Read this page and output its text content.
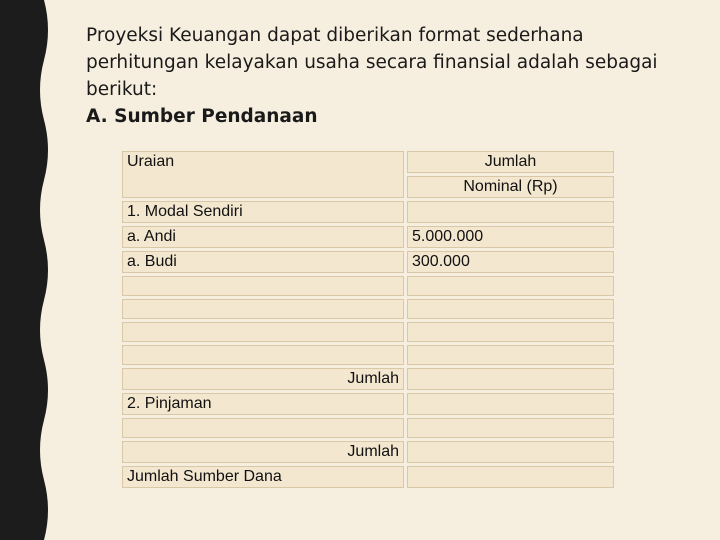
Proyeksi Keuangan dapat diberikan format sederhana
perhitungan kelayakan usaha secara finansial adalah sebagai
berikut:
A. Sumber Pendanaan
Uraian	Jumlah
	Nominal (Rp)
1. Modal Sendiri	
a. Andi	5.000.000
a. Budi	300.000

Jumlah	
2. Pinjaman	

Jumlah	
Jumlah Sumber Dana	
